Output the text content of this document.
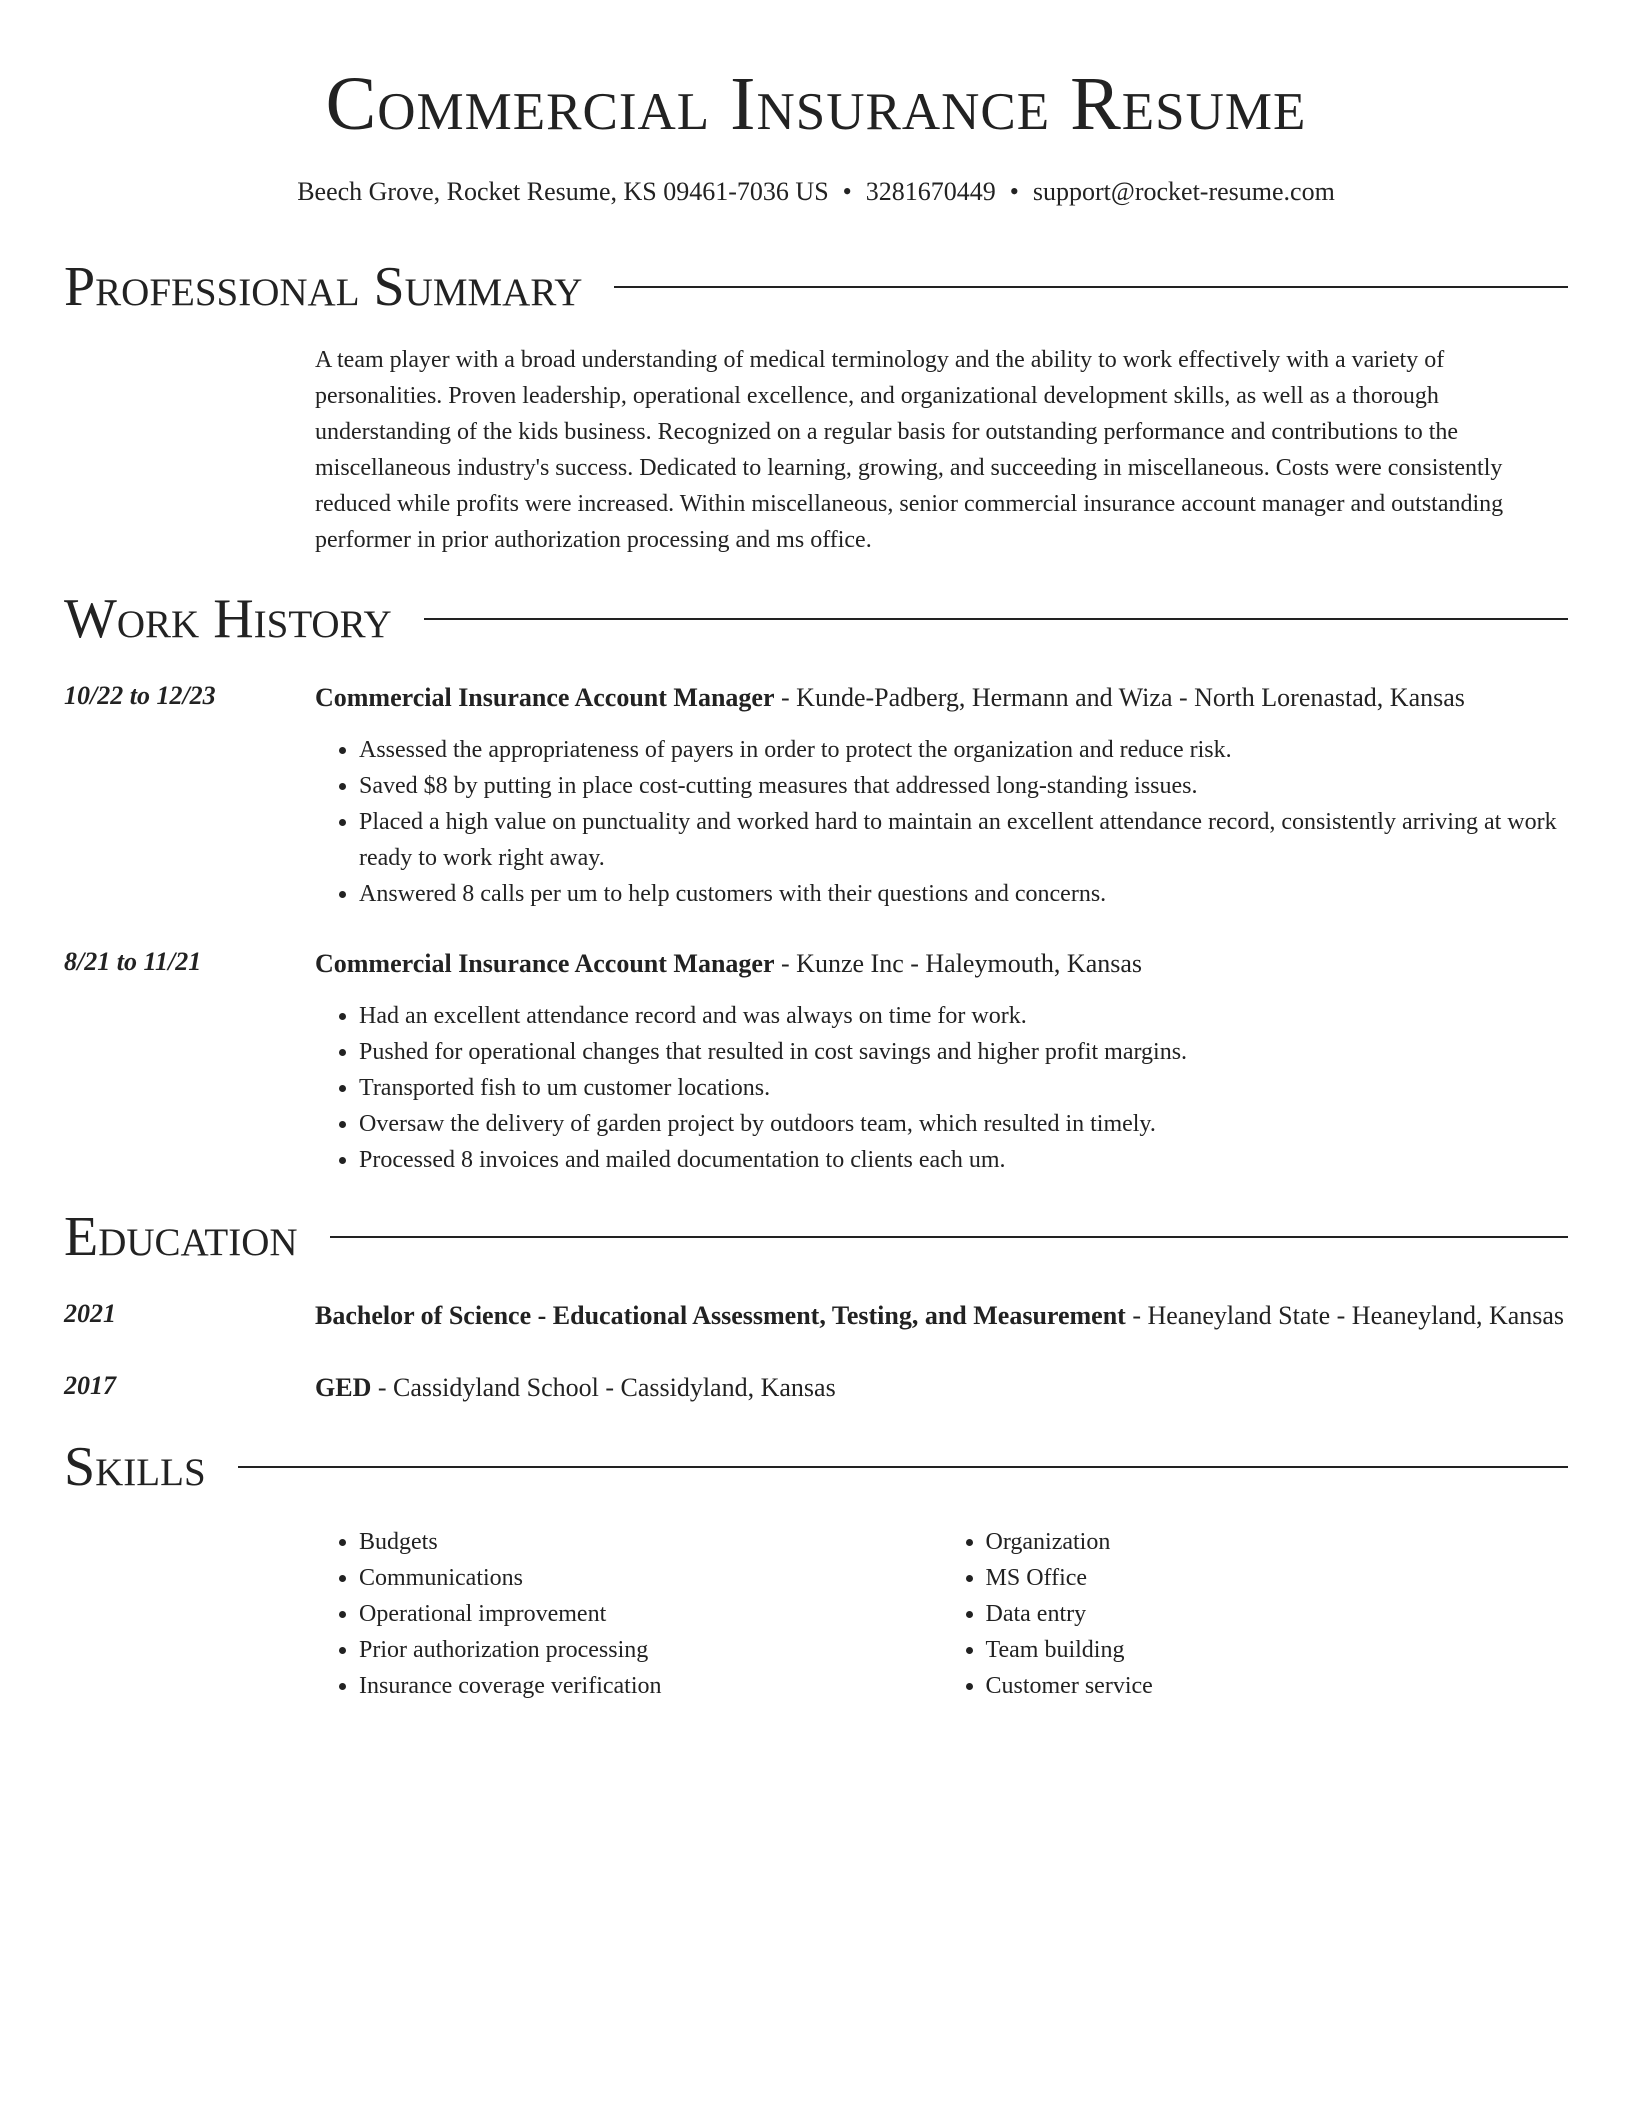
Commercial Insurance Resume
Beech Grove, Rocket Resume, KS 09461-7036 US • 3281670449 • support@rocket-resume.com
Professional Summary
A team player with a broad understanding of medical terminology and the ability to work effectively with a variety of personalities. Proven leadership, operational excellence, and organizational development skills, as well as a thorough understanding of the kids business. Recognized on a regular basis for outstanding performance and contributions to the miscellaneous industry's success. Dedicated to learning, growing, and succeeding in miscellaneous. Costs were consistently reduced while profits were increased. Within miscellaneous, senior commercial insurance account manager and outstanding performer in prior authorization processing and ms office.
Work History
10/22 to 12/23	Commercial Insurance Account Manager - Kunde-Padberg, Hermann and Wiza - North Lorenastad, Kansas
• Assessed the appropriateness of payers in order to protect the organization and reduce risk.
• Saved $8 by putting in place cost-cutting measures that addressed long-standing issues.
• Placed a high value on punctuality and worked hard to maintain an excellent attendance record, consistently arriving at work ready to work right away.
• Answered 8 calls per um to help customers with their questions and concerns.
8/21 to 11/21	Commercial Insurance Account Manager - Kunze Inc - Haleymouth, Kansas
• Had an excellent attendance record and was always on time for work.
• Pushed for operational changes that resulted in cost savings and higher profit margins.
• Transported fish to um customer locations.
• Oversaw the delivery of garden project by outdoors team, which resulted in timely.
• Processed 8 invoices and mailed documentation to clients each um.
Education
2021	Bachelor of Science - Educational Assessment, Testing, and Measurement - Heaneyland State - Heaneyland, Kansas
2017	GED - Cassidyland School - Cassidyland, Kansas
Skills
• Budgets
• Communications
• Operational improvement
• Prior authorization processing
• Insurance coverage verification
• Organization
• MS Office
• Data entry
• Team building
• Customer service
